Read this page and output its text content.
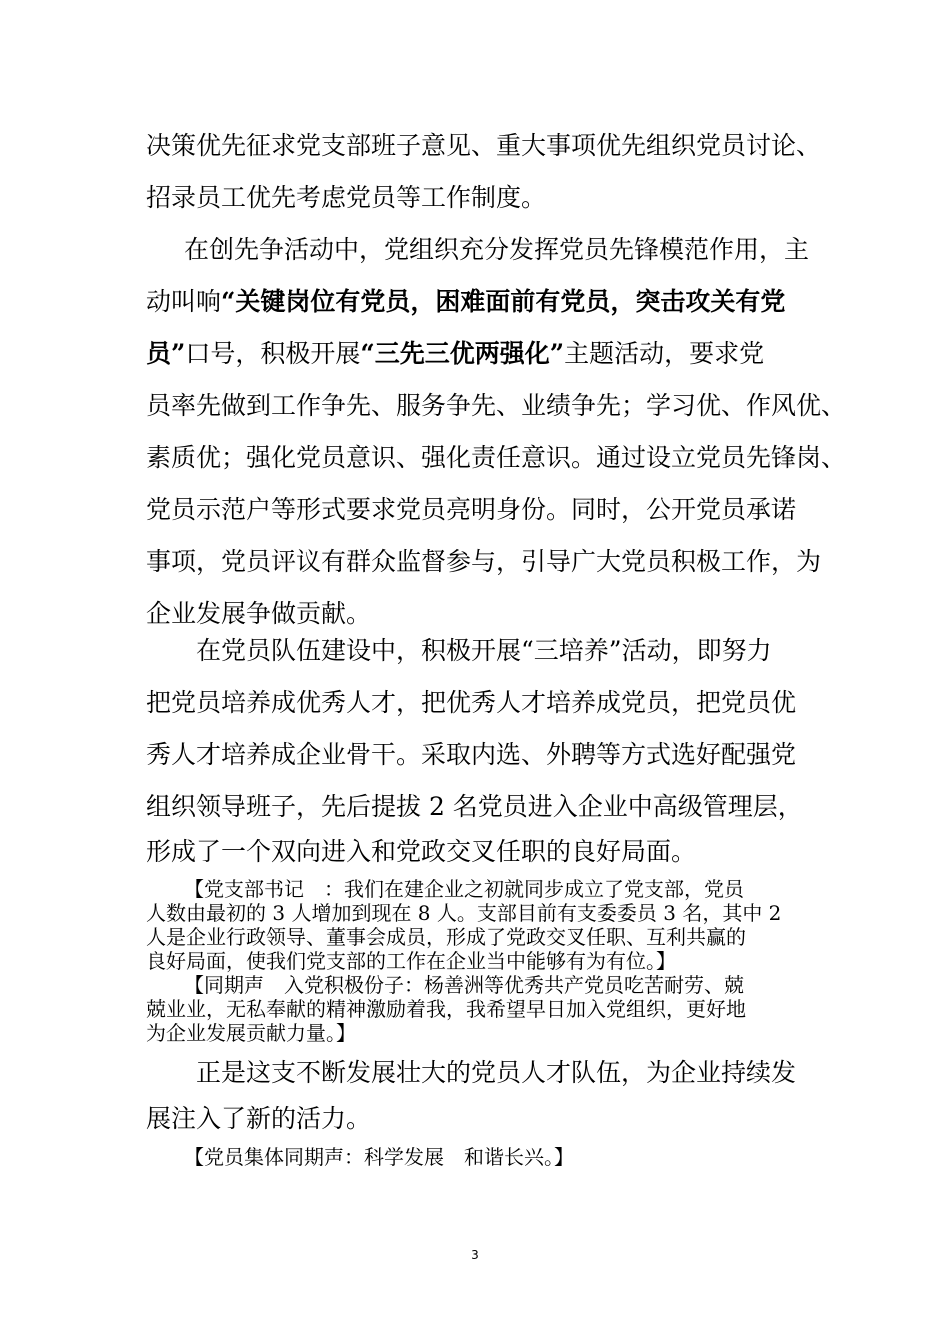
决策优先征求党支部班子意见、重大事项优先组织党员讨论、
招录员工优先考虑党员等工作制度。
在创先争活动中，党组织充分发挥党员先锋模范作用，主
动叫响“关键岗位有党员，困难面前有党员，突击攻关有党
员”口号，积极开展“三先三优两强化”主题活动，要求党
员率先做到工作争先、服务争先、业绩争先；学习优、作风优、
素质优；强化党员意识、强化责任意识。通过设立党员先锋岗、
党员示范户等形式要求党员亮明身份。同时，公开党员承诺
事项，党员评议有群众监督参与，引导广大党员积极工作，为
企业发展争做贡献。
在党员队伍建设中，积极开展“三培养”活动，即努力
把党员培养成优秀人才，把优秀人才培养成党员，把党员优
秀人才培养成企业骨干。采取内选、外聘等方式选好配强党
组织领导班子，先后提拔 2 名党员进入企业中高级管理层，
形成了一个双向进入和党政交叉任职的良好局面。
【党支部书记　：我们在建企业之初就同步成立了党支部，党员
人数由最初的 3 人增加到现在 8 人。支部目前有支委委员 3 名，其中 2
人是企业行政领导、董事会成员，形成了党政交叉任职、互利共赢的
良好局面，使我们党支部的工作在企业当中能够有为有位。】
【同期声　入党积极份子：杨善洲等优秀共产党员吃苦耐劳、兢
兢业业，无私奉献的精神激励着我，我希望早日加入党组织，更好地
为企业发展贡献力量。】
正是这支不断发展壮大的党员人才队伍，为企业持续发
展注入了新的活力。
【党员集体同期声：科学发展　和谐长兴。】
3
